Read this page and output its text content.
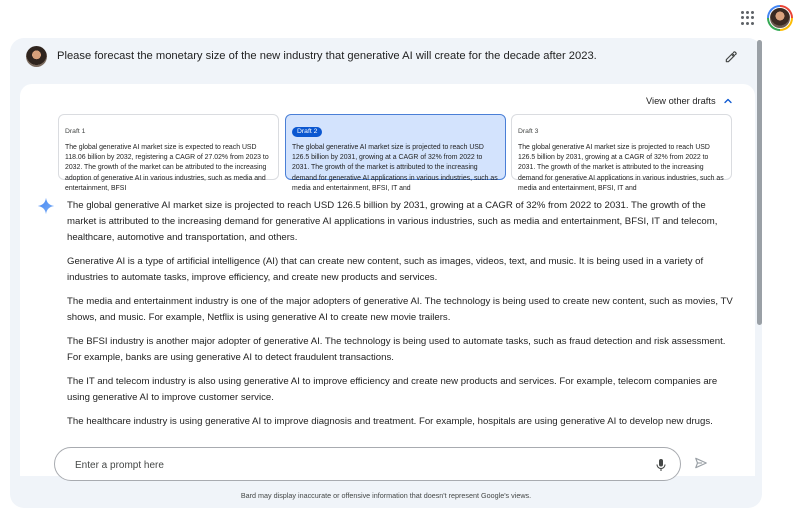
Please forecast the monetary size of the new industry that generative AI will create for the decade after 2023.
View other drafts
Draft 1
The global generative AI market size is expected to reach USD 118.06 billion by 2032, registering a CAGR of 27.02% from 2023 to 2032. The growth of the market can be attributed to the increasing adoption of generative AI in various industries, such as media and entertainment, BFSI
Draft 2
The global generative AI market size is projected to reach USD 126.5 billion by 2031, growing at a CAGR of 32% from 2022 to 2031. The growth of the market is attributed to the increasing demand for generative AI applications in various industries, such as media and entertainment, BFSI, IT and
Draft 3
The global generative AI market size is projected to reach USD 126.5 billion by 2031, growing at a CAGR of 32% from 2022 to 2031. The growth of the market is attributed to the increasing demand for generative AI applications in various industries, such as media and entertainment, BFSI, IT and

The global generative AI market size is projected to reach USD 126.5 billion by 2031, growing at a CAGR of 32% from 2022 to 2031. The growth of the market is attributed to the increasing demand for generative AI applications in various industries, such as media and entertainment, BFSI, IT and telecom, healthcare, automotive and transportation, and others.

Generative AI is a type of artificial intelligence (AI) that can create new content, such as images, videos, text, and music. It is being used in a variety of industries to automate tasks, improve efficiency, and create new products and services.

The media and entertainment industry is one of the major adopters of generative AI. The technology is being used to create new content, such as movies, TV shows, and music. For example, Netflix is using generative AI to create new movie trailers.

The BFSI industry is another major adopter of generative AI. The technology is being used to automate tasks, such as fraud detection and risk assessment. For example, banks are using generative AI to detect fraudulent transactions.

The IT and telecom industry is also using generative AI to improve efficiency and create new products and services. For example, telecom companies are using generative AI to improve customer service.

The healthcare industry is using generative AI to improve diagnosis and treatment. For example, hospitals are using generative AI to develop new drugs.

Enter a prompt here
Bard may display inaccurate or offensive information that doesn't represent Google's views.
